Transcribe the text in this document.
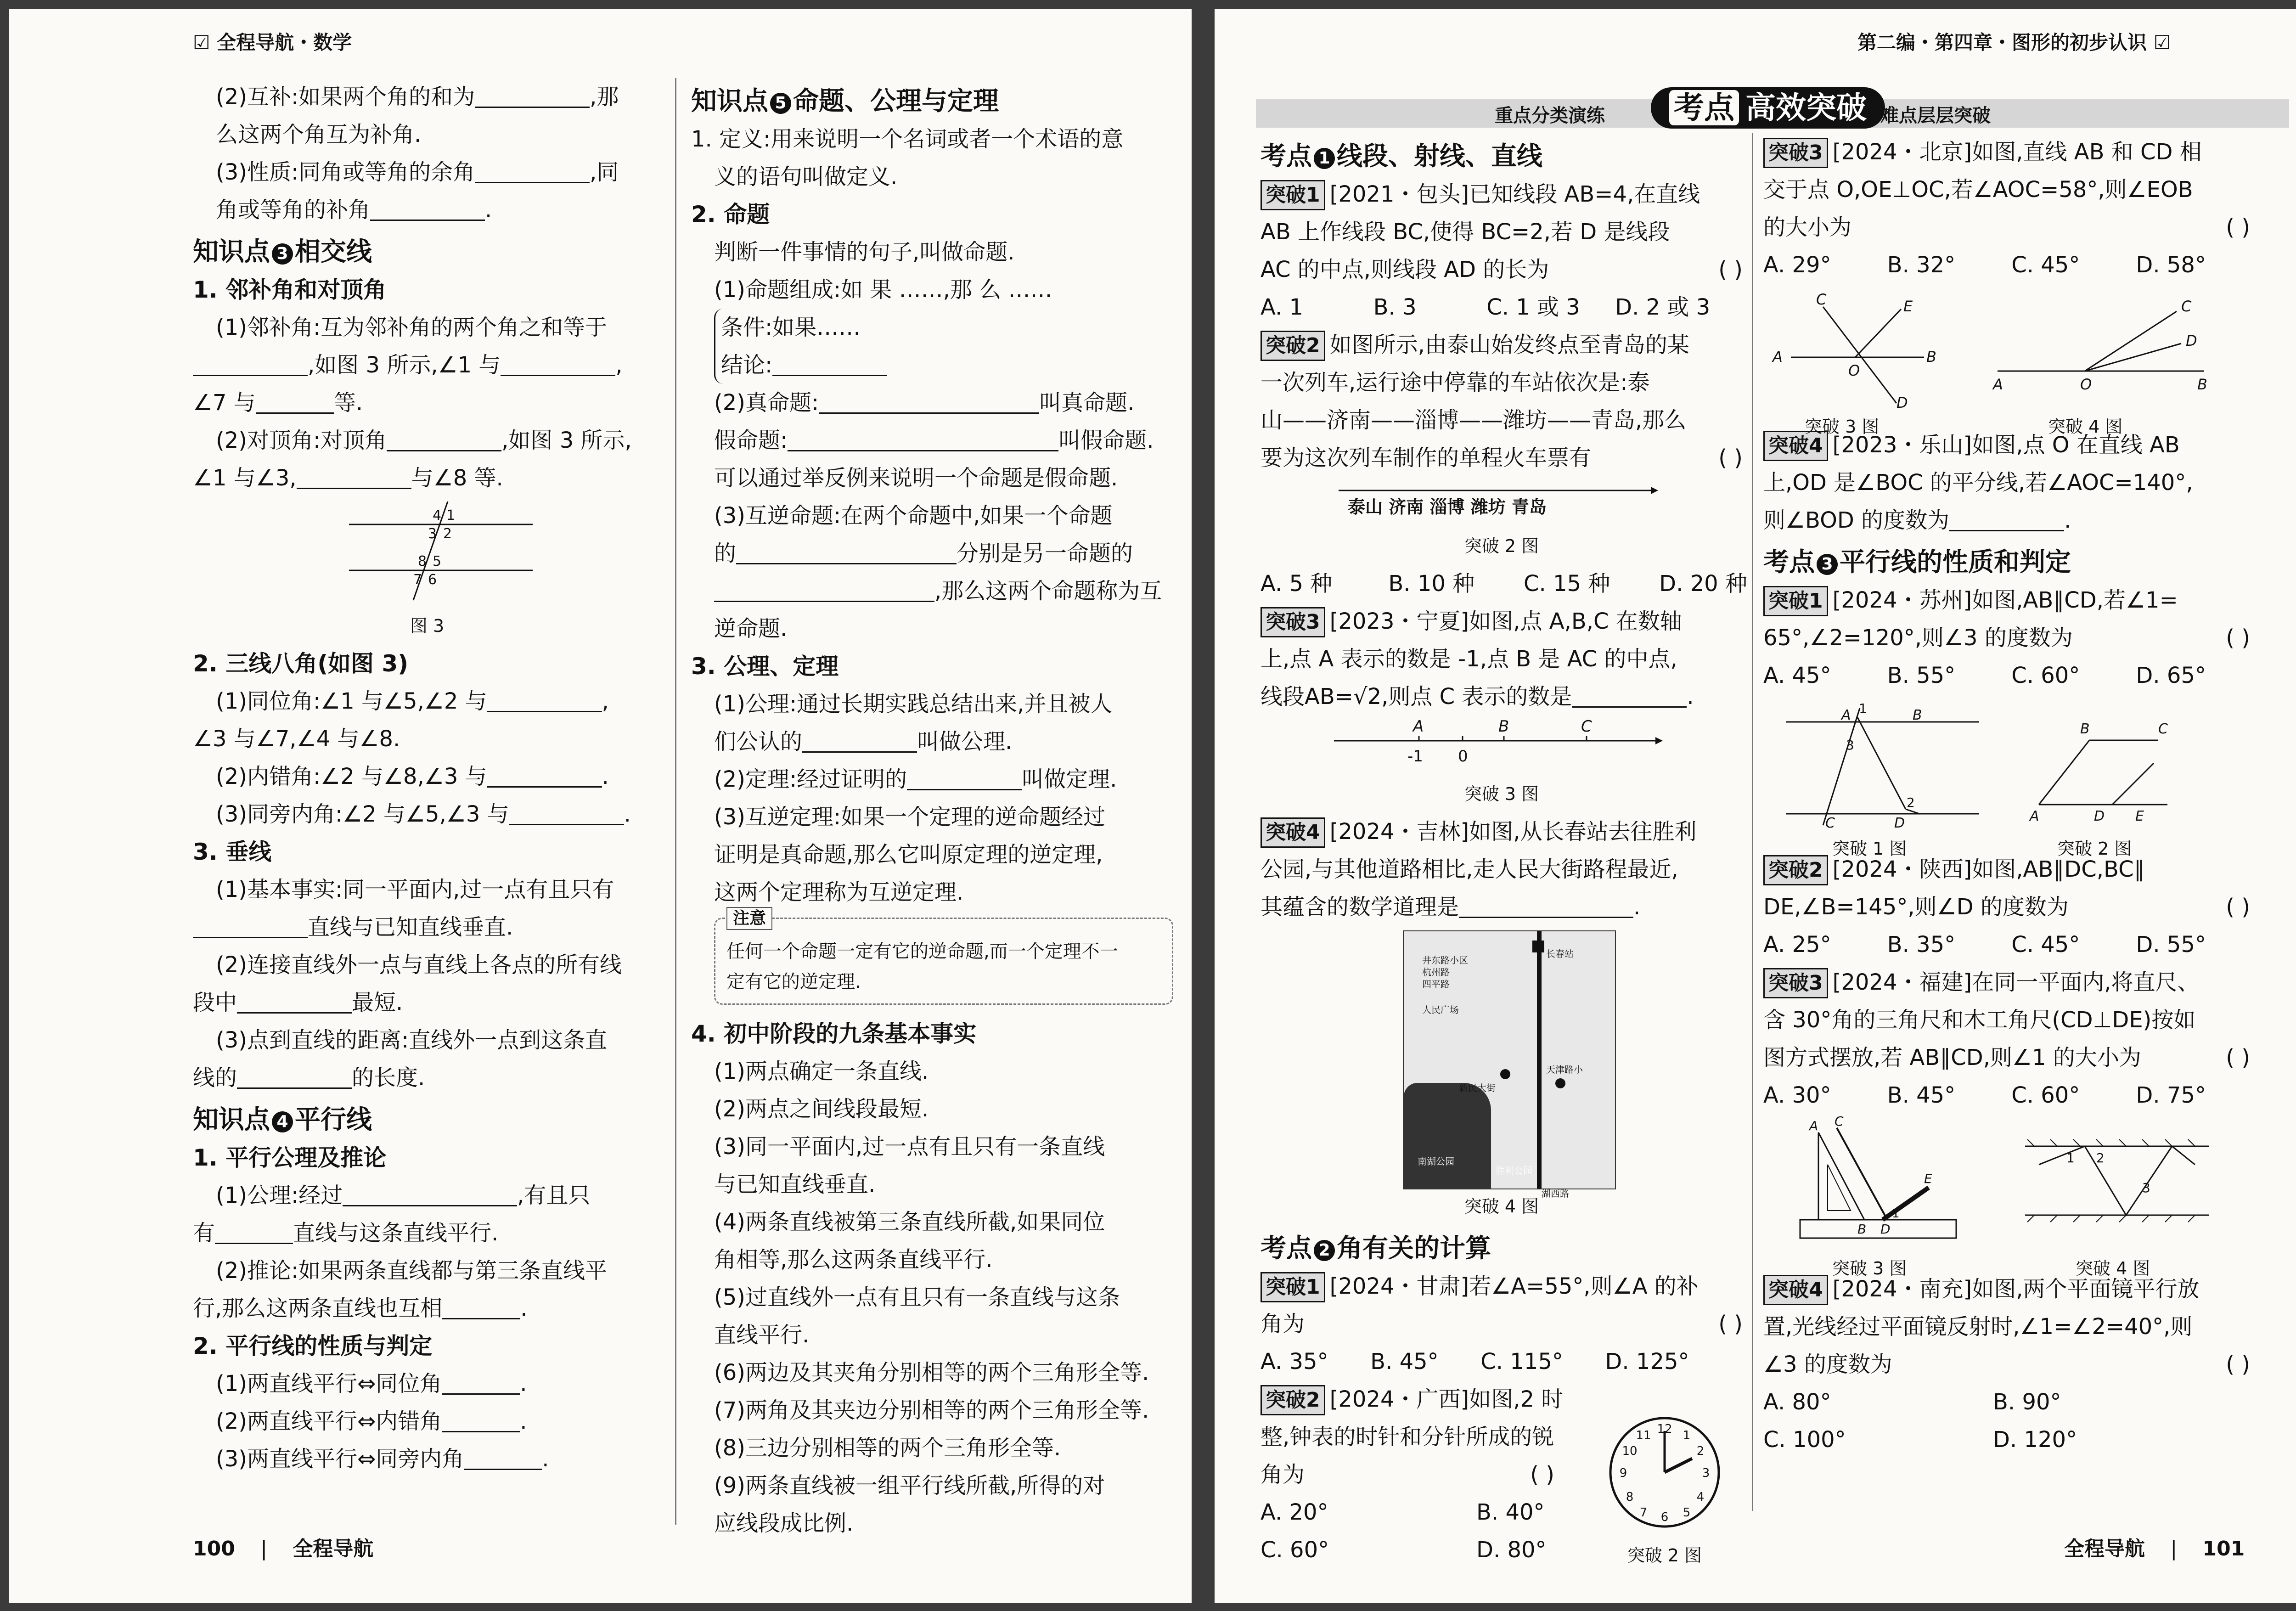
☑ 全程导航・数学
(2)互补:如果两个角的和为	,那
么这两个角互为补角.
(3)性质:同角或等角的余角	,同
角或等角的补角	.
知识点 3 相交线
1. 邻补角和对顶角
(1)邻补角:互为邻补角的两个角之和等于
,如图 3 所示,∠1 与	,
∠7 与	等.
(2)对顶角:对顶角	,如图 3 所示,
∠1 与∠3,	与∠8 等.
4 1
3 2
8 5
7 6
图 3
2. 三线八角(如图 3)
(1)同位角:∠1 与∠5,∠2 与	,
∠3 与∠7,∠4 与∠8.
(2)内错角:∠2 与∠8,∠3 与	.
(3)同旁内角:∠2 与∠5,∠3 与	.
3. 垂线
(1)基本事实:同一平面内,过一点有且只有
直线与已知直线垂直.
(2)连接直线外一点与直线上各点的所有线
段中	最短.
(3)点到直线的距离:直线外一点到这条直
线的	的长度.
知识点 4 平行线
1. 平行公理及推论
(1)公理:经过	,有且只
有	直线与这条直线平行.
(2)推论:如果两条直线都与第三条直线平
行,那么这两条直线也互相	.
2. 平行线的性质与判定
(1)两直线平行⇔同位角	.
(2)两直线平行⇔内错角	.
(3)两直线平行⇔同旁内角	.
知识点 5 命题、公理与定理
1. 定义:用来说明一个名词或者一个术语的意
义的语句叫做定义.
2. 命题
判断一件事情的句子,叫做命题.
(1)命题组成:如 果 ……,那 么 ……
条件:如果……
结论:
(2)真命题:	叫真命题.
假命题:	叫假命题.
可以通过举反例来说明一个命题是假命题.
(3)互逆命题:在两个命题中,如果一个命题
的	分别是另一命题的
,那么这两个命题称为互
逆命题.
3. 公理、定理
(1)公理:通过长期实践总结出来,并且被人
们公认的	叫做公理.
(2)定理:经过证明的	叫做定理.
(3)互逆定理:如果一个定理的逆命题经过
证明是真命题,那么它叫原定理的逆定理,
这两个定理称为互逆定理.
注意
任何一个命题一定有它的逆命题,而一个定理不一
定有它的逆定理.
4. 初中阶段的九条基本事实
(1)两点确定一条直线.
(2)两点之间线段最短.
(3)同一平面内,过一点有且只有一条直线
与已知直线垂直.
(4)两条直线被第三条直线所截,如果同位
角相等,那么这两条直线平行.
(5)过直线外一点有且只有一条直线与这条
直线平行.
(6)两边及其夹角分别相等的两个三角形全等.
(7)两角及其夹边分别相等的两个三角形全等.
(8)三边分别相等的两个三角形全等.
(9)两条直线被一组平行线所截,所得的对
应线段成比例.
100 | 全程导航
第二编・第四章・图形的初步认识 ☑
重点分类演练	考点 高效突破 难点层层突破
考点 1 线段、射线、直线
突破1 [2021・包头]已知线段 AB=4,在直线
AB 上作线段 BC,使得 BC=2,若 D 是线段
AC 的中点,则线段 AD 的长为	( )
A. 1          B. 3          C. 1 或 3     D. 2 或 3
突破2 如图所示,由泰山始发终点至青岛的某
一次列车,运行途中停靠的车站依次是:泰
山——济南——淄博——潍坊——青岛,那么
要为这次列车制作的单程火车票有	( )
泰山 济南 淄博 潍坊 青岛
突破 2 图
A. 5 种        B. 10 种       C. 15 种       D. 20 种
突破3 [2023・宁夏]如图,点 A,B,C 在数轴
上,点 A 表示的数是 -1,点 B 是 AC 的中点,
线段AB=√2,则点 C 表示的数是	.
A	B	C
-1 0
突破 3 图
突破4 [2024・吉林]如图,从长春站去往胜利
公园,与其他道路相比,走人民大街路程最近,
其蕴含的数学道理是	.
井东路小区
杭州路
四平路
人民广场
长春站
天津路小
胜利公园
南湖公园
湖西路
新民大街
突破 4 图
考点 2 角有关的计算
突破1 [2024・甘肃]若∠A=55°,则∠A 的补
角为	( )
A. 35°      B. 45°      C. 115°      D. 125°
突破2 [2024・广西]如图,2 时
整,钟表的时针和分针所成的锐
角为	( )
A. 20°	B. 40°
C. 60°	D. 80°
12
3
6
9
1
2
4
5
7
8
10
11
突破 2 图
突破3 [2024・北京]如图,直线 AB 和 CD 相
交于点 O,OE⊥OC,若∠AOC=58°,则∠EOB
的大小为	( )
A. 29°        B. 32°        C. 45°        D. 58°
A	B
C
D
E
O
A	B
O
C
D
突破 3 图	突破 4 图
突破4 [2023・乐山]如图,点 O 在直线 AB
上,OD 是∠BOC 的平分线,若∠AOC=140°,
则∠BOD 的度数为	.
考点 3 平行线的性质和判定
突破1 [2024・苏州]如图,AB∥CD,若∠1=
65°,∠2=120°,则∠3 的度数为	( )
A. 45°        B. 55°        C. 60°        D. 65°
A	B
C	D
1
3
2
B	C
A	D E
突破 1 图	突破 2 图
突破2 [2024・陕西]如图,AB∥DC,BC∥
DE,∠B=145°,则∠D 的度数为	( )
A. 25°        B. 35°        C. 45°        D. 55°
突破3 [2024・福建]在同一平面内,将直尺、
含 30°角的三角尺和木工角尺(CD⊥DE)按如
图方式摆放,若 AB∥CD,则∠1 的大小为	( )
A. 30°        B. 45°        C. 60°        D. 75°
A C
B D
E
1
1 2
3
突破 3 图	突破 4 图
突破4 [2024・南充]如图,两个平面镜平行放
置,光线经过平面镜反射时,∠1=∠2=40°,则
∠3 的度数为	( )
A. 80°	B. 90°
C. 100°	D. 120°
全程导航 | 101
